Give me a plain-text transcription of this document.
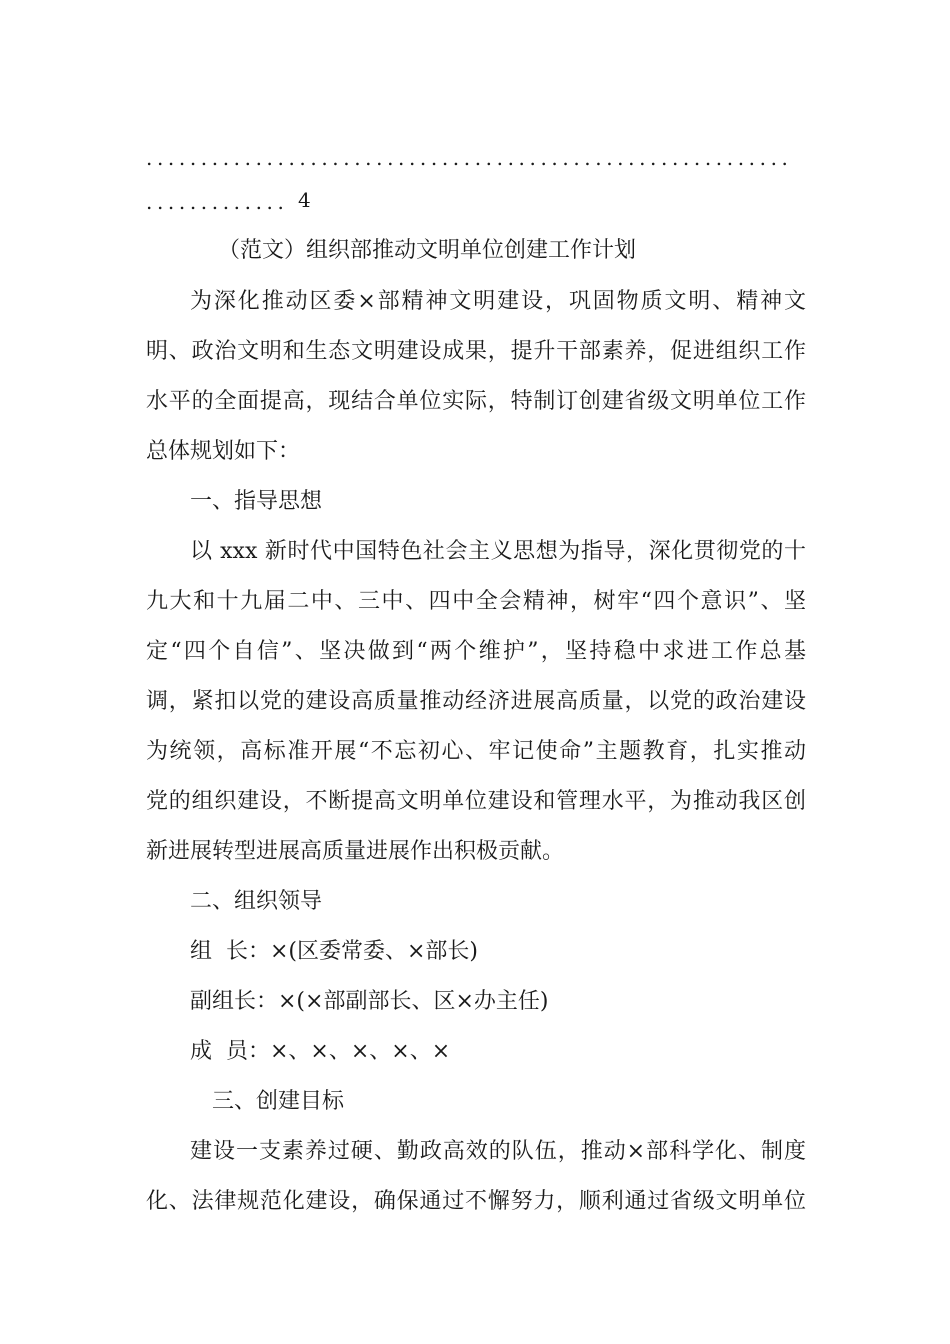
...........................................................
............. 4
（范文）组织部推动文明单位创建工作计划
为深化推动区委×部精神文明建设，巩固物质文明、精神文
明、政治文明和生态文明建设成果，提升干部素养，促进组织工作
水平的全面提高，现结合单位实际，特制订创建省级文明单位工作
总体规划如下：
一、指导思想
以 xxx 新时代中国特色社会主义思想为指导，深化贯彻党的十
九大和十九届二中、三中、四中全会精神，树牢“四个意识”、坚
定“四个自信”、坚决做到“两个维护”，坚持稳中求进工作总基
调，紧扣以党的建设高质量推动经济进展高质量，以党的政治建设
为统领，高标准开展“不忘初心、牢记使命”主题教育，扎实推动
党的组织建设，不断提高文明单位建设和管理水平，为推动我区创
新进展转型进展高质量进展作出积极贡献。
二、组织领导
组  长：×(区委常委、×部长)
副组长：×(×部副部长、区×办主任)
成  员：×、×、×、×、×
三、创建目标
建设一支素养过硬、勤政高效的队伍，推动×部科学化、制度
化、法律规范化建设，确保通过不懈努力，顺利通过省级文明单位
